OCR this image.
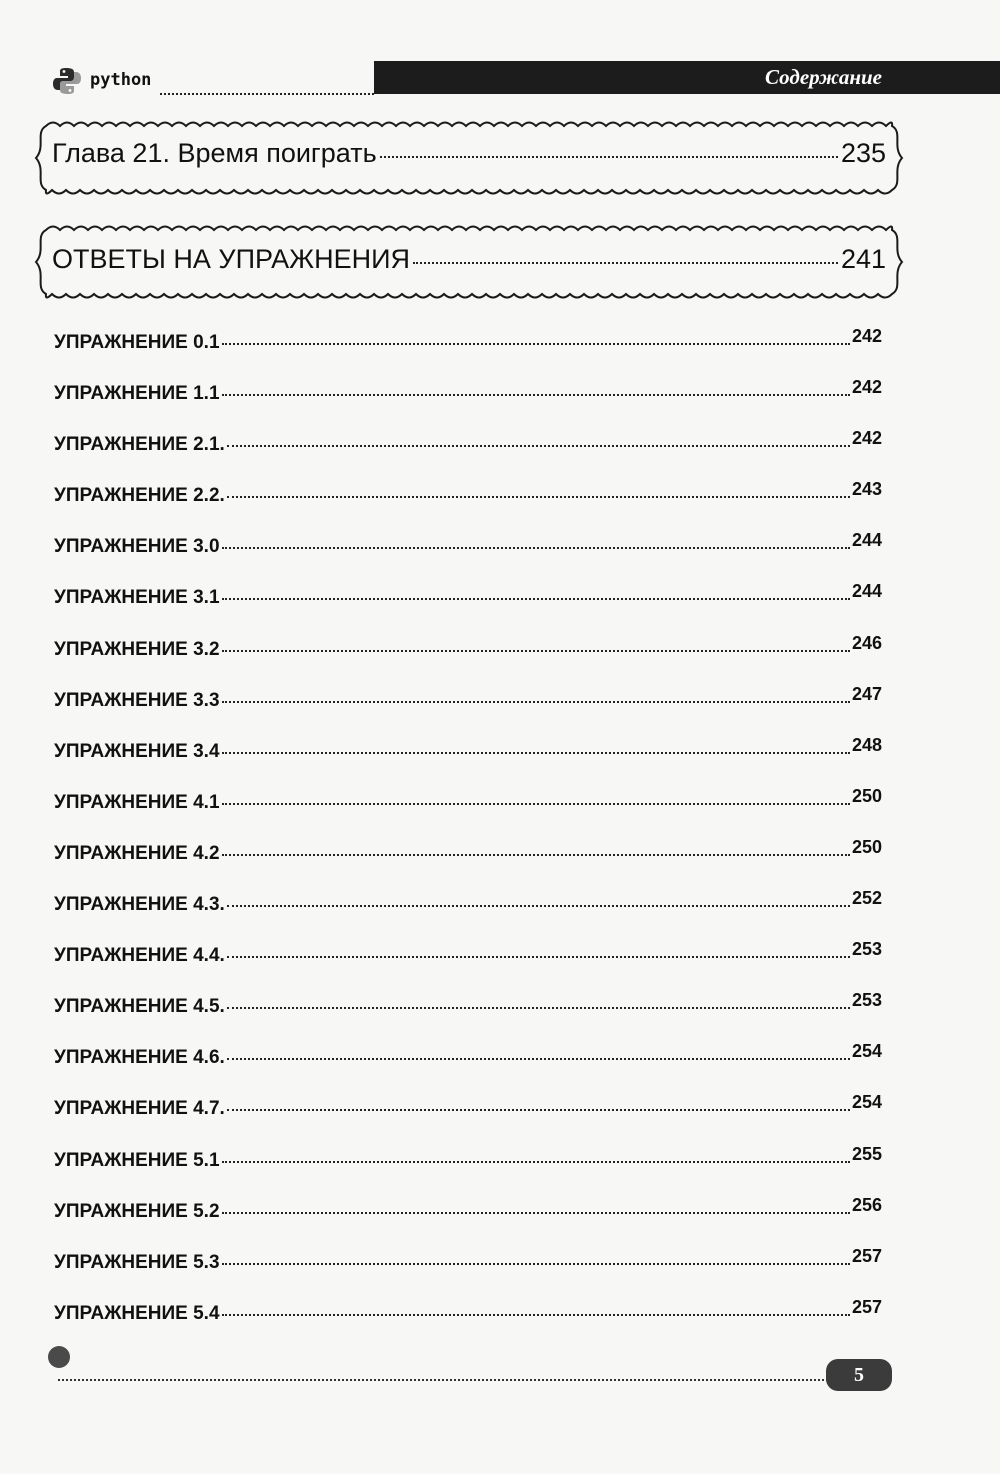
python	Содержание
Глава 21. Время поиграть	235
ОТВЕТЫ НА УПРАЖНЕНИЯ	241
УПРАЖНЕНИЕ 0.1	242
УПРАЖНЕНИЕ 1.1	242
УПРАЖНЕНИЕ 2.1.	242
УПРАЖНЕНИЕ 2.2.	243
УПРАЖНЕНИЕ 3.0	244
УПРАЖНЕНИЕ 3.1	244
УПРАЖНЕНИЕ 3.2	246
УПРАЖНЕНИЕ 3.3	247
УПРАЖНЕНИЕ 3.4	248
УПРАЖНЕНИЕ 4.1	250
УПРАЖНЕНИЕ 4.2	250
УПРАЖНЕНИЕ 4.3.	252
УПРАЖНЕНИЕ 4.4.	253
УПРАЖНЕНИЕ 4.5.	253
УПРАЖНЕНИЕ 4.6.	254
УПРАЖНЕНИЕ 4.7.	254
УПРАЖНЕНИЕ 5.1	255
УПРАЖНЕНИЕ 5.2	256
УПРАЖНЕНИЕ 5.3	257
УПРАЖНЕНИЕ 5.4	257
5
